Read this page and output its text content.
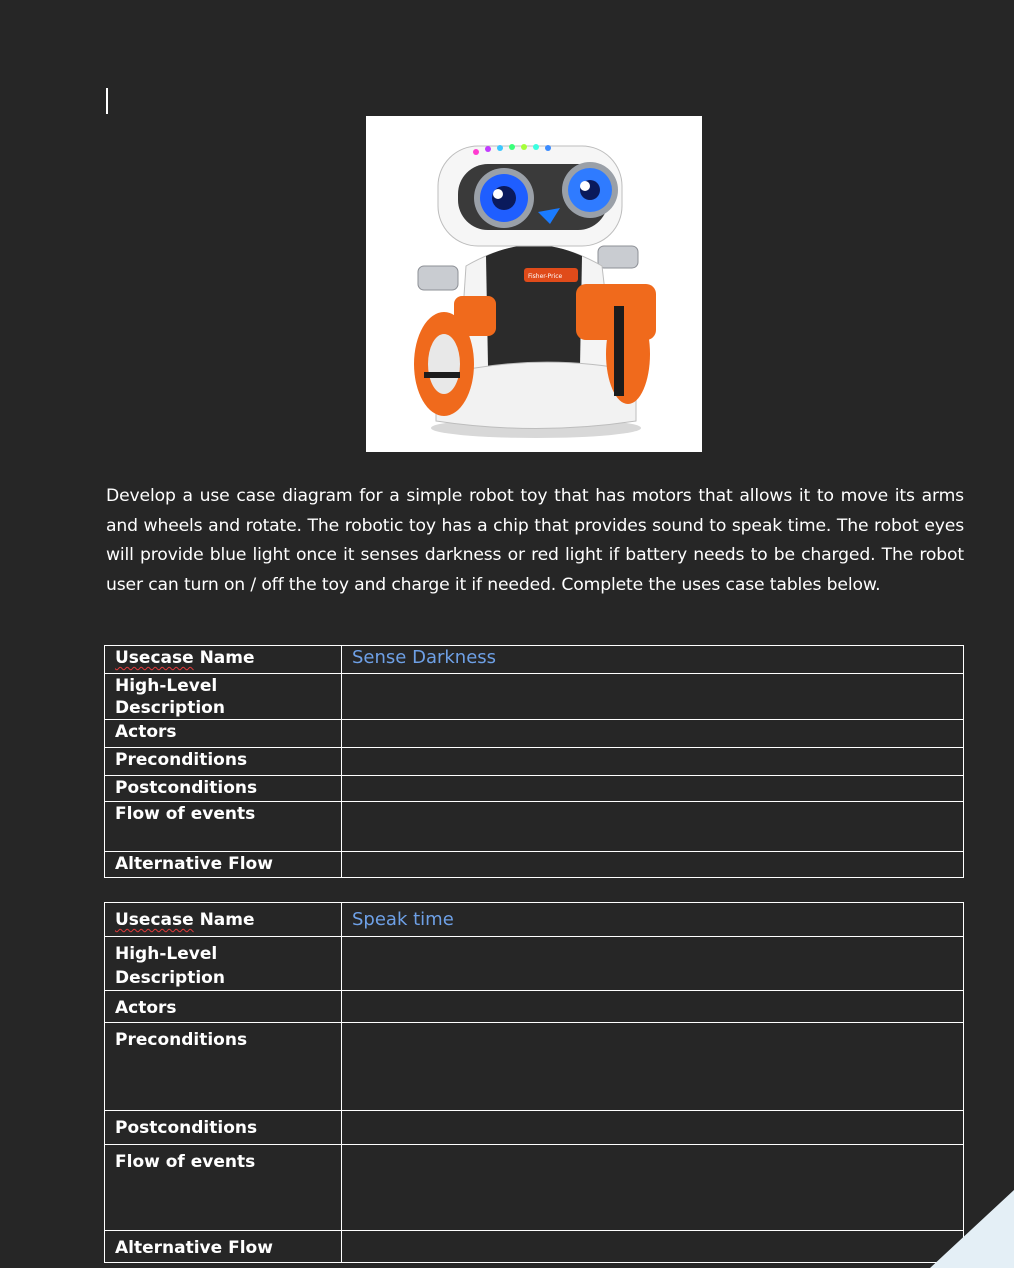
Fisher-Price

Develop a use case diagram for a simple robot toy that has motors that allows it to move its arms and wheels and rotate. The robotic toy has a chip that provides sound to speak time. The robot eyes will provide blue light once it senses darkness or red light if battery needs to be charged. The robot user can turn on / off the toy and charge it if needed. Complete the uses case tables below.

Usecase Name	Sense Darkness
High-Level Description	
Actors	
Preconditions	
Postconditions	
Flow of events	
Alternative Flow	
Usecase Name	Speak time
High-Level Description	
Actors	
Preconditions	
Postconditions	
Flow of events	
Alternative Flow	
